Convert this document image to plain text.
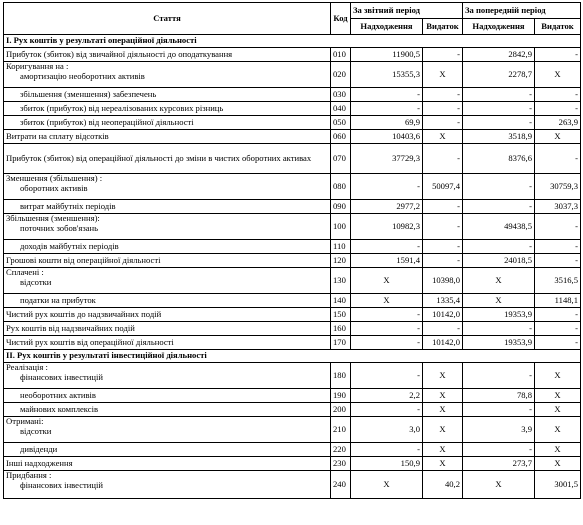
Стаття	Код	За звітний період		За попередній період	
		Надходження	Видаток	Надходження	Видаток
I. Рух коштів у результаті операційної діяльності					
Прибуток (збиток) від звичайної діяльності до оподаткування	010	11900,5	-	2842,9	-
Коригування на :
амортизацію необоротних активів	020	15355,3	X	2278,7	X
збільшення (зменшення) забезпечень	030	-	-	-	-
збиток (прибуток) від нереалізованих курсових різниць	040	-	-	-	-
збиток (прибуток) від неопераційної діяльності	050	69,9	-	-	263,9
Витрати на сплату відсотків	060	10403,6	X	3518,9	X
Прибуток (збиток) від операційної діяльності до зміни в чистих оборотних активах	070	37729,3	-	8376,6	-
Зменшення (збільшення) :
оборотних активів	080	-	50097,4	-	30759,3
витрат майбутніх періодів	090	2977,2	-	-	3037,3
Збільшення (зменшення):
поточних зобов'язань	100	10982,3	-	49438,5	-
доходів майбутніх періодів	110	-	-	-	-
Грошові кошти від операційної діяльності	120	1591,4	-	24018,5	-
Сплачені :
відсотки	130	X	10398,0	X	3516,5
податки на прибуток	140	X	1335,4	X	1148,1
Чистий рух коштів до надзвичайних подій	150	-	10142,0	19353,9	-
Рух коштів від надзвичайних подій	160	-	-	-	-
Чистий рух коштів від операційної діяльності	170	-	10142,0	19353,9	-
II. Рух коштів у результаті інвестиційної діяльності					
Реалізація :
фінансових інвестицій	180	-	X	-	X
необоротних активів	190	2,2	X	78,8	X
майнових комплексів	200	-	X	-	X
Отримані:
відсотки	210	3,0	X	3,9	X
дивіденди	220	-	X	-	X
Інші надходження	230	150,9	X	273,7	X
Придбання :
фінансових інвестицій	240	X	40,2	X	3001,5
